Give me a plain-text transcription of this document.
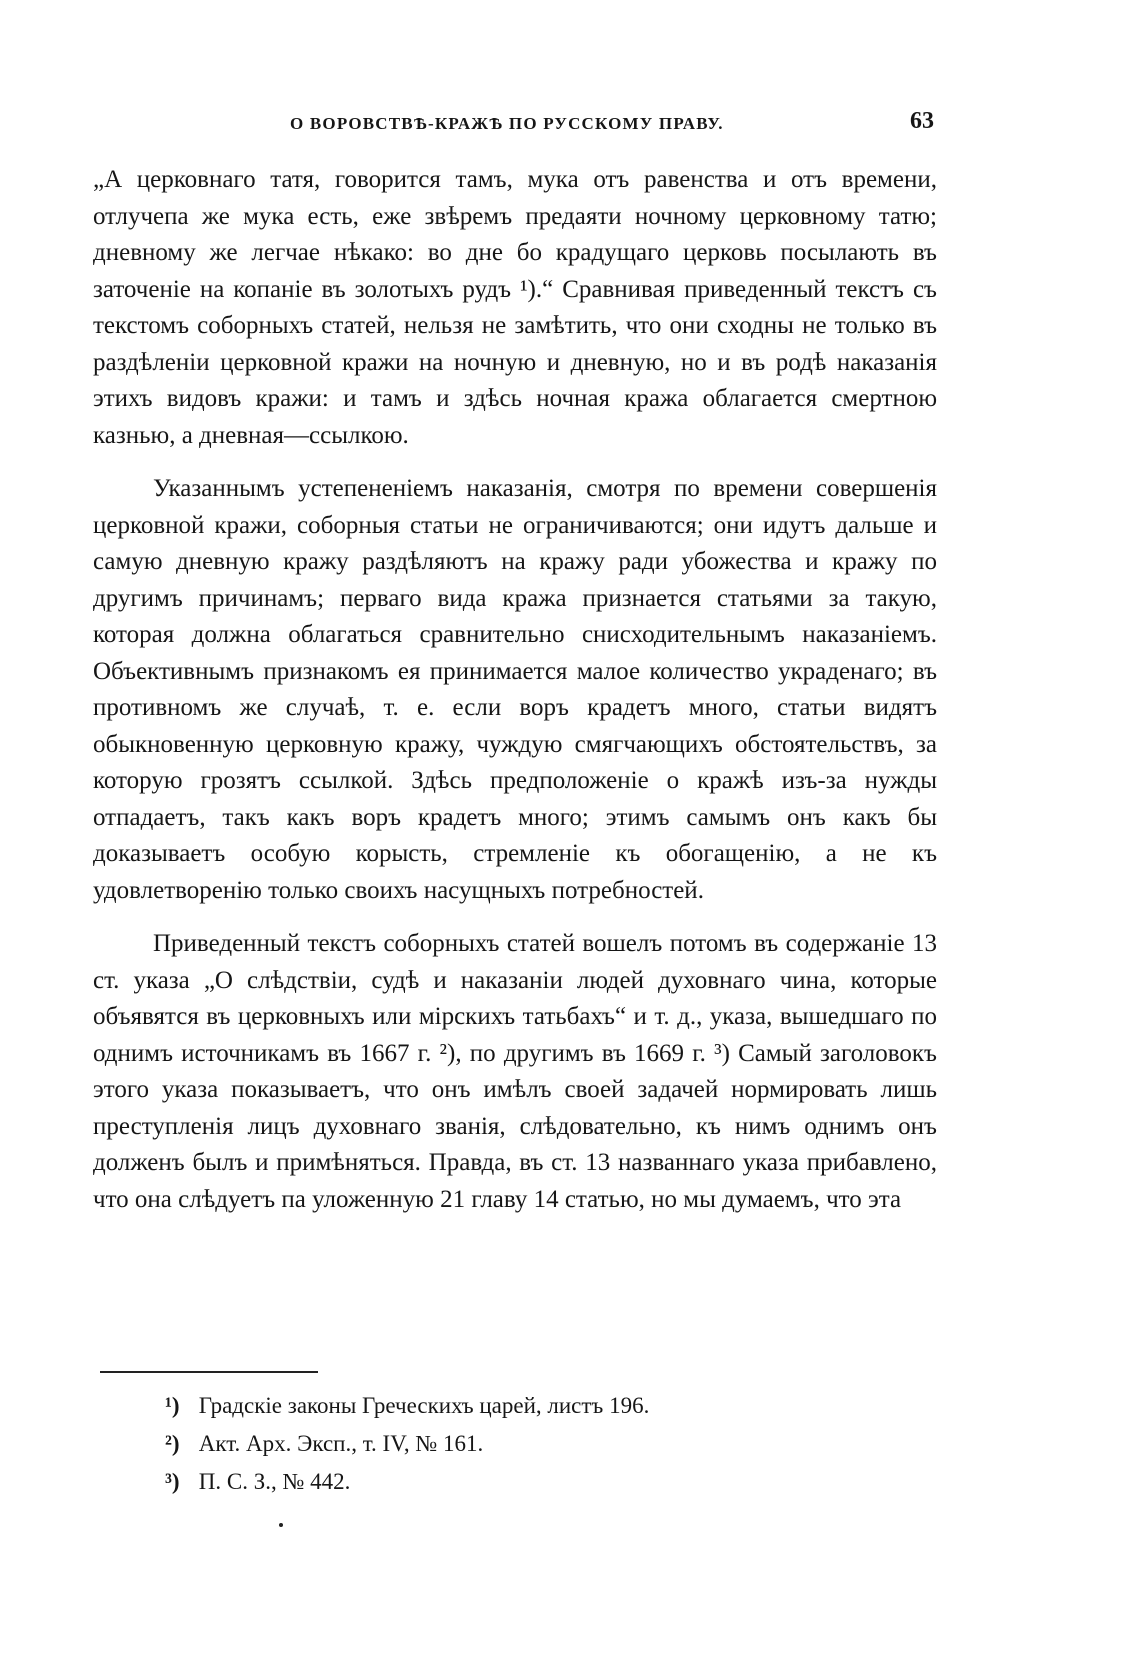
О ВОРОВСТВѢ-КРАЖѢ ПО РУССКОМУ ПРАВУ.	63

„А церковнаго татя, говорится тамъ, мука отъ равенства и отъ времени, отлучепа же мука есть, еже звѣремъ предаяти ночному церковному татю; дневному же легчае нѣкако: во дне бо крадущаго церковь посылають въ заточеніе на копаніе въ золотыхъ рудъ ¹).“ Сравнивая приведенный текстъ съ текстомъ соборныхъ статей, нельзя не замѣтить, что они сходны не только въ раздѣленіи церковной кражи на ночную и дневную, но и въ родѣ наказанія этихъ видовъ кражи: и тамъ и здѣсь ночная кража облагается смертною казнью, а дневная—ссылкою.

Указаннымъ устепененіемъ наказанія, смотря по времени совершенія церковной кражи, соборныя статьи не ограничиваются; они идутъ дальше и самую дневную кражу раздѣляютъ на кражу ради убожества и кражу по другимъ причинамъ; перваго вида кража признается статьями за такую, которая должна облагаться сравнительно снисходительнымъ наказаніемъ. Объективнымъ признакомъ ея принимается малое количество украденаго; въ противномъ же случаѣ, т. е. если воръ крадетъ много, статьи видятъ обыкновенную церковную кражу, чуждую смягчающихъ обстоятельствъ, за которую грозятъ ссылкой. Здѣсь предположеніе о кражѣ изъ-за нужды отпадаетъ, такъ какъ воръ крадетъ много; этимъ самымъ онъ какъ бы доказываетъ особую корысть, стремленіе къ обогащенію, а не къ удовлетворенію только своихъ насущныхъ потребностей.

Приведенный текстъ соборныхъ статей вошелъ потомъ въ содержаніе 13 ст. указа „О слѣдствіи, судѣ и наказаніи людей духовнаго чина, которые объявятся въ церковныхъ или мірскихъ татьбахъ“ и т. д., указа, вышедшаго по однимъ источникамъ въ 1667 г. ²), по другимъ въ 1669 г. ³) Самый заголовокъ этого указа показываетъ, что онъ имѣлъ своей задачей нормировать лишь преступленія лицъ духовнаго званія, слѣдовательно, къ нимъ однимъ онъ долженъ былъ и примѣняться. Правда, въ ст. 13 названнаго указа прибавлено, что она слѣдуетъ па уложенную 21 главу 14 статью, но мы думаемъ, что эта

¹) Градскіе законы Греческихъ царей, листъ 196.
²) Акт. Арх. Эксп., т. IV, № 161.
³) П. С. З., № 442.
